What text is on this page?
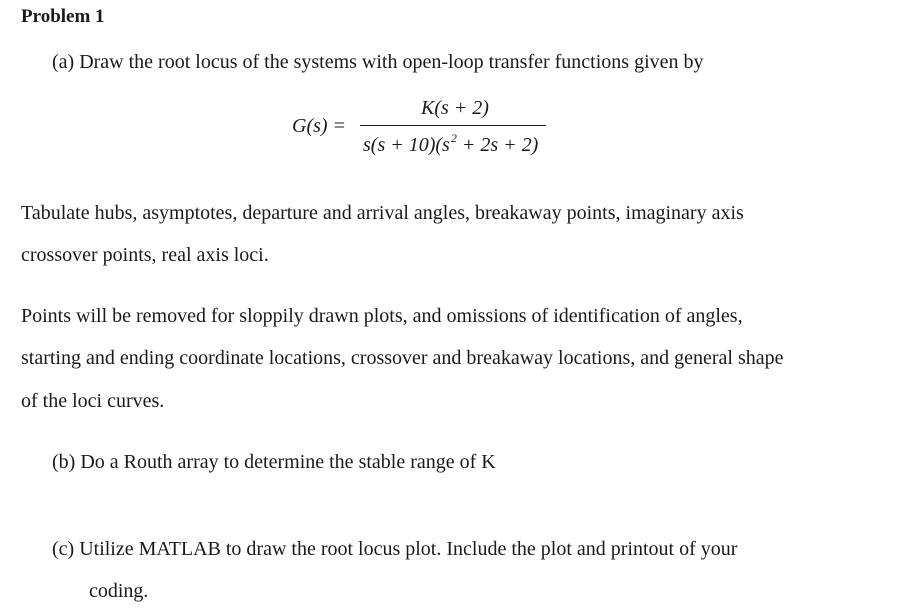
Problem 1
(a) Draw the root locus of the systems with open-loop transfer functions given by
G(s) =
K(s + 2)
$s(s + 10)(s^2 + 2s + 2)$
Tabulate hubs, asymptotes, departure and arrival angles, breakaway points, imaginary axis
crossover points, real axis loci.
Points will be removed for sloppily drawn plots, and omissions of identification of angles,
starting and ending coordinate locations, crossover and breakaway locations, and general shape
of the loci curves.
(b) Do a Routh array to determine the stable range of K
(c) Utilize MATLAB to draw the root locus plot. Include the plot and printout of your
coding.
